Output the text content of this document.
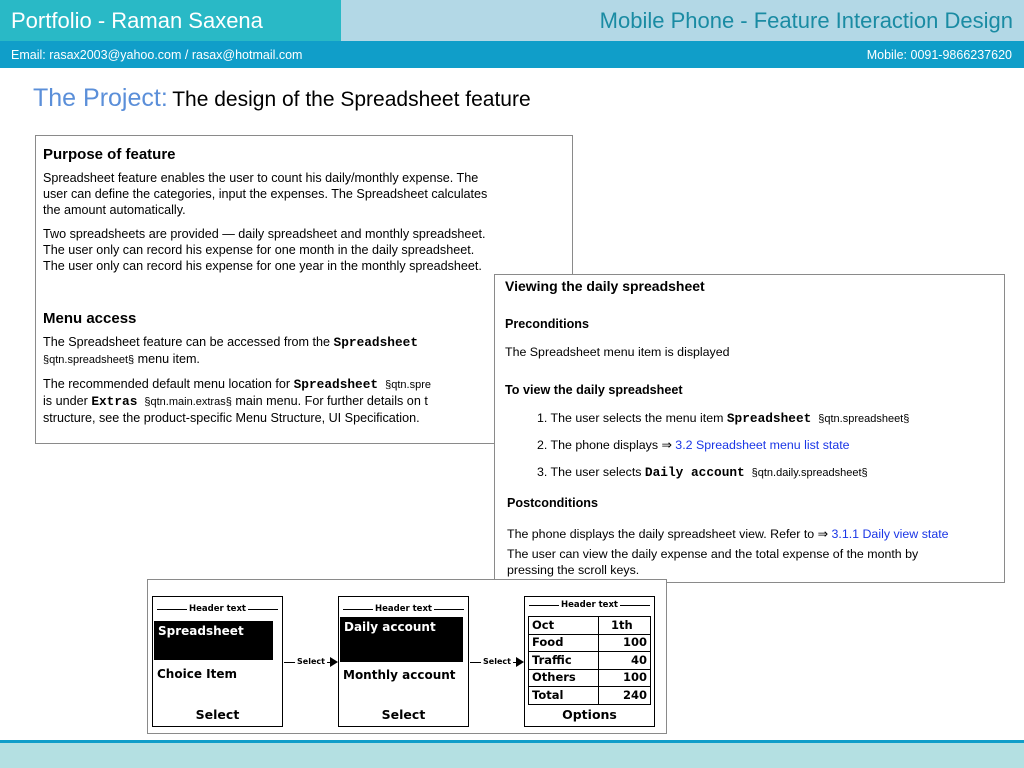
Portfolio - Raman Saxena	Mobile Phone - Feature Interaction Design
Email: rasax2003@yahoo.com / rasax@hotmail.com	Mobile: 0091-9866237620
The Project: The design of the Spreadsheet feature
Purpose of feature

Spreadsheet feature enables the user to count his daily/monthly expense. The
user can define the categories, input the expenses. The Spreadsheet calculates
the amount automatically.

Two spreadsheets are provided — daily spreadsheet and monthly spreadsheet.
The user only can record his expense for one month in the daily spreadsheet.
The user only can record his expense for one year in the monthly spreadsheet.

Menu access

The Spreadsheet feature can be accessed from the Spreadsheet
§qtn.spreadsheet§ menu item.

The recommended default menu location for Spreadsheet §qtn.spre
is under Extras §qtn.main.extras§ main menu. For further details on t
structure, see the product-specific Menu Structure, UI Specification.

Viewing the daily spreadsheet
Preconditions
The Spreadsheet menu item is displayed
To view the daily spreadsheet
1. The user selects the menu item Spreadsheet §qtn.spreadsheet§
2. The phone displays ⇒ 3.2 Spreadsheet menu list state
3. The user selects Daily account §qtn.daily.spreadsheet§
Postconditions
The phone displays the daily spreadsheet view. Refer to ⇒ 3.1.1 Daily view state
The user can view the daily expense and the total expense of the month by
pressing the scroll keys.
Header text
Spreadsheet
Choice Item
Select
Select
Header text
Daily account
Monthly account
Select
Select
Header text
Oct	1th
Food	100
Traffic	40
Others	100
Total	240
Options
